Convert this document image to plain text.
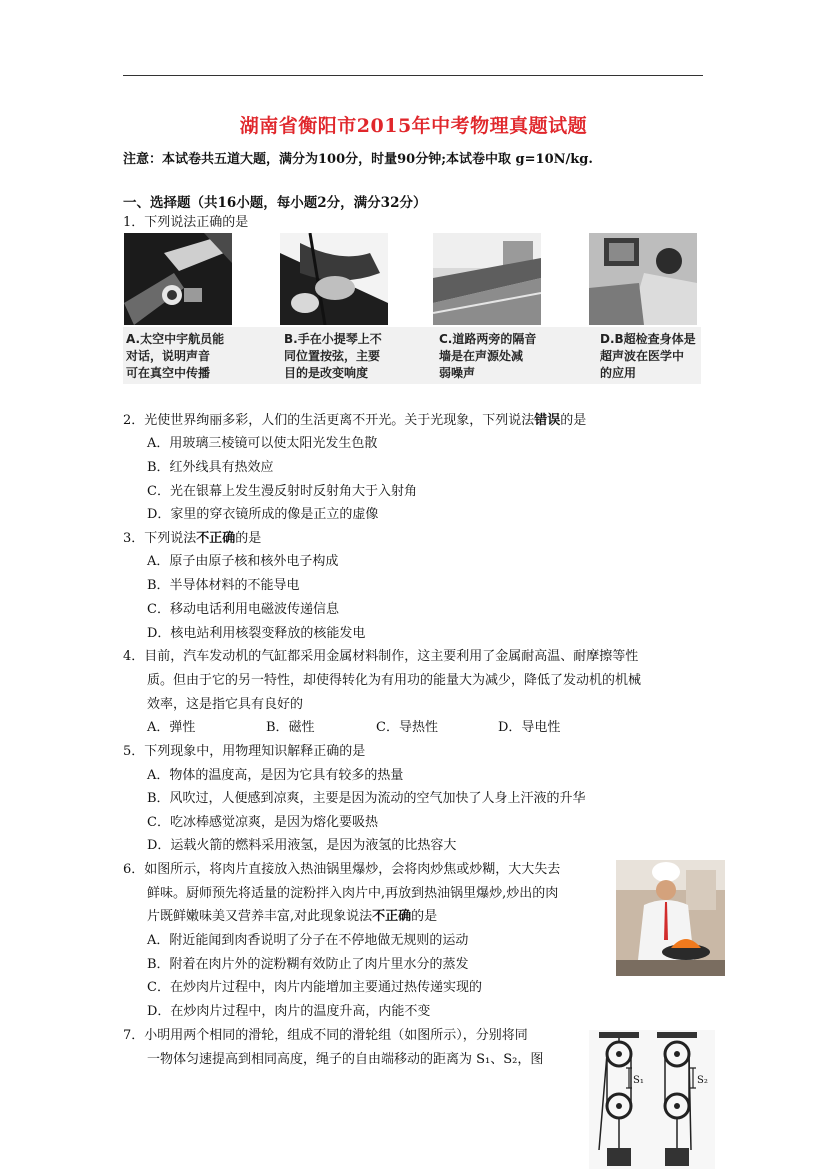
湖南省衡阳市2015年中考物理真题试题
注意：本试卷共五道大题，满分为100分，时量90分钟;本试卷中取 g=10N/kg.
一、选择题（共16小题，每小题2分，满分32分）
1．下列说法正确的是
A.太空中宇航员能
对话，说明声音
可在真空中传播
B.手在小提琴上不
同位置按弦，主要
目的是改变响度
C.道路两旁的隔音
墙是在声源处减
弱噪声
D.B超检查身体是
超声波在医学中
的应用
2．光使世界绚丽多彩，人们的生活更离不开光。关于光现象，下列说法错误的是
A．用玻璃三棱镜可以使太阳光发生色散
B．红外线具有热效应
C．光在银幕上发生漫反射时反射角大于入射角
D．家里的穿衣镜所成的像是正立的虚像
3．下列说法不正确的是
A．原子由原子核和核外电子构成
B．半导体材料的不能导电
C．移动电话利用电磁波传递信息
D．核电站利用核裂变释放的核能发电
4．目前，汽车发动机的气缸都采用金属材料制作，这主要利用了金属耐高温、耐摩擦等性
质。但由于它的另一特性，却使得转化为有用功的能量大为减少，降低了发动机的机械
效率，这是指它具有良好的
A．弹性	B．磁性	C．导热性	D．导电性
5．下列现象中，用物理知识解释正确的是
A．物体的温度高，是因为它具有较多的热量
B．风吹过，人便感到凉爽，主要是因为流动的空气加快了人身上汗液的升华
C．吃冰棒感觉凉爽，是因为熔化要吸热
D．运载火箭的燃料采用液氢，是因为液氢的比热容大
6．如图所示，将肉片直接放入热油锅里爆炒，会将肉炒焦或炒糊，大大失去
鲜味。厨师预先将适量的淀粉拌入肉片中,再放到热油锅里爆炒,炒出的肉
片既鲜嫩味美又营养丰富,对此现象说法不正确的是
A．附近能闻到肉香说明了分子在不停地做无规则的运动
B．附着在肉片外的淀粉糊有效防止了肉片里水分的蒸发
C．在炒肉片过程中，肉片内能增加主要通过热传递实现的
D．在炒肉片过程中，肉片的温度升高，内能不变
7．小明用两个相同的滑轮，组成不同的滑轮组（如图所示），分别将同
一物体匀速提高到相同高度，绳子的自由端移动的距离为 S₁、S₂，图
S₁	S₂
